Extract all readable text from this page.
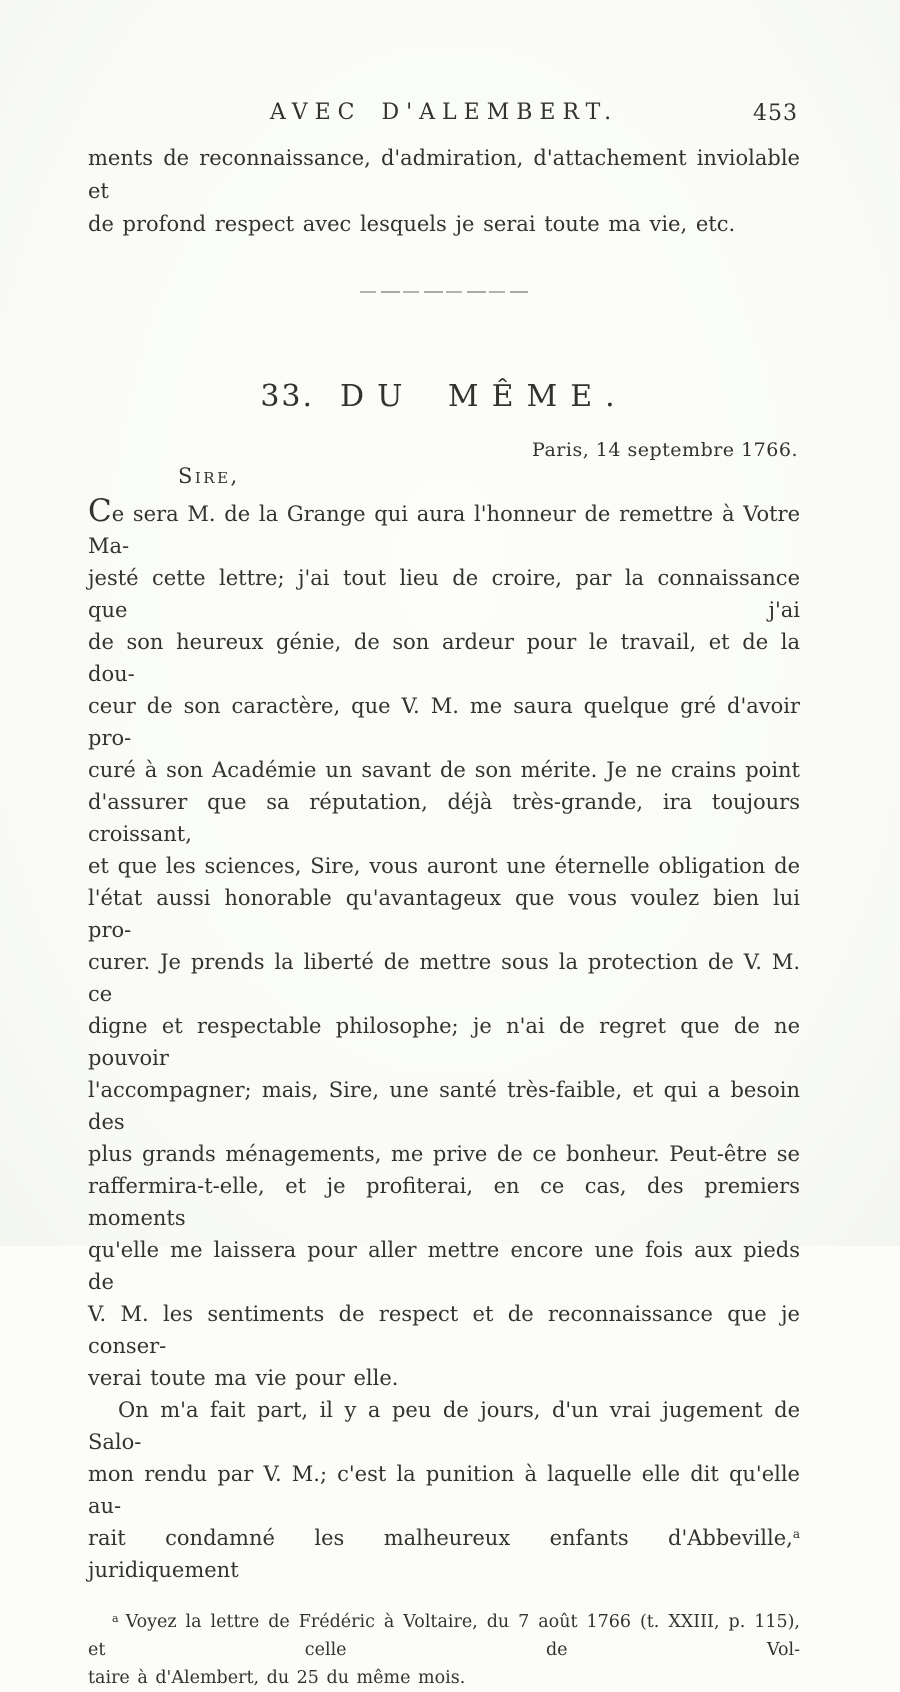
AVEC D'ALEMBERT.	453
ments de reconnaissance, d'admiration, d'attachement inviolable et
de profond respect avec lesquels je serai toute ma vie, etc.
33. DU MÊME.
Paris, 14 septembre 1766.
Sire,
Ce sera M. de la Grange qui aura l'honneur de remettre à Votre Ma-
jesté cette lettre; j'ai tout lieu de croire, par la connaissance que j'ai
de son heureux génie, de son ardeur pour le travail, et de la dou-
ceur de son caractère, que V. M. me saura quelque gré d'avoir pro-
curé à son Académie un savant de son mérite. Je ne crains point
d'assurer que sa réputation, déjà très-grande, ira toujours croissant,
et que les sciences, Sire, vous auront une éternelle obligation de
l'état aussi honorable qu'avantageux que vous voulez bien lui pro-
curer. Je prends la liberté de mettre sous la protection de V. M. ce
digne et respectable philosophe; je n'ai de regret que de ne pouvoir
l'accompagner; mais, Sire, une santé très-faible, et qui a besoin des
plus grands ménagements, me prive de ce bonheur. Peut-être se
raffermira-t-elle, et je profiterai, en ce cas, des premiers moments
qu'elle me laissera pour aller mettre encore une fois aux pieds de
V. M. les sentiments de respect et de reconnaissance que je conser-
verai toute ma vie pour elle.
On m'a fait part, il y a peu de jours, d'un vrai jugement de Salo-
mon rendu par V. M.; c'est la punition à laquelle elle dit qu'elle au-
rait condamné les malheureux enfants d'Abbeville,$^a$ juridiquement
$^a$ Voyez la lettre de Frédéric à Voltaire, du 7 août 1766 (t. XXIII, p. 115), et celle de Vol-
taire à d'Alembert, du 25 du même mois.
